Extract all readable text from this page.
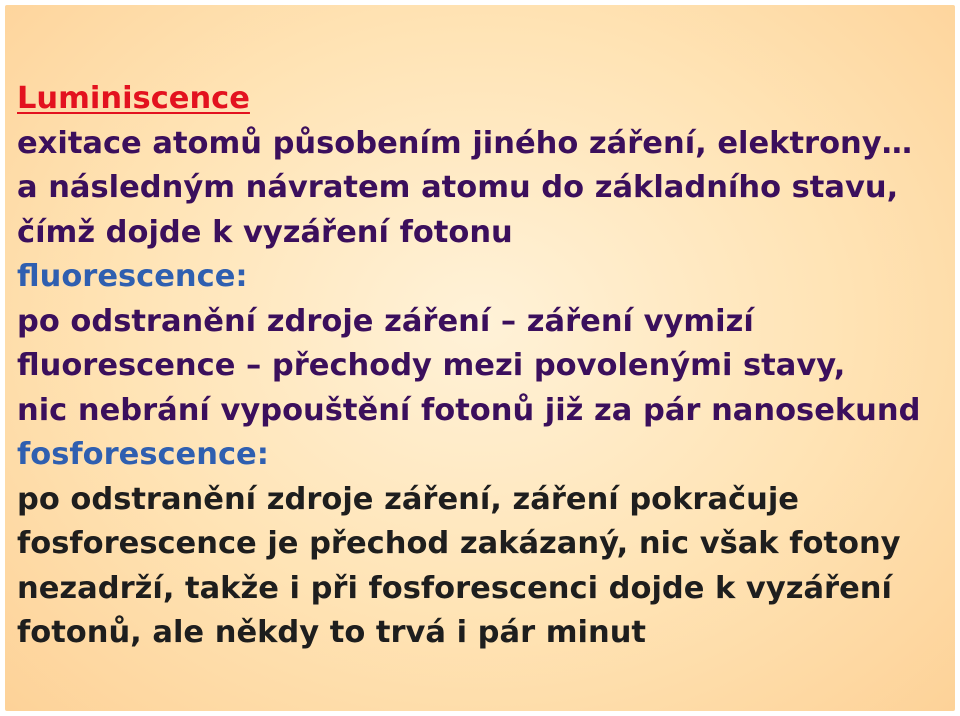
Luminiscence
exitace atomů působením jiného záření, elektrony…
a následným návratem atomu do základního stavu,
čímž dojde k vyzáření fotonu
fluorescence:
po odstranění zdroje záření – záření vymizí
fluorescence – přechody mezi povolenými stavy,
nic nebrání vypouštění fotonů již za pár nanosekund
fosforescence:
po odstranění zdroje záření, záření pokračuje
fosforescence je přechod zakázaný, nic však fotony
nezadrží, takže i při fosforescenci dojde k vyzáření
fotonů, ale někdy to trvá i pár minut
